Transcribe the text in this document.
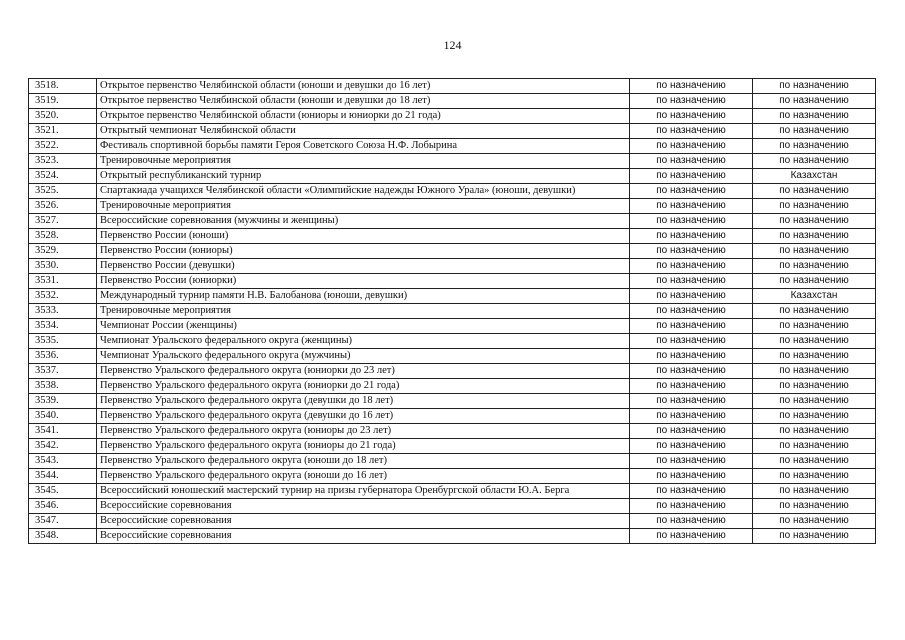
124
3518.	Открытое первенство Челябинской области (юноши и девушки до 16 лет)	по назначению	по назначению
3519.	Открытое первенство Челябинской области (юноши и девушки до 18 лет)	по назначению	по назначению
3520.	Открытое первенство Челябинской области (юниоры и юниорки до 21 года)	по назначению	по назначению
3521.	Открытый чемпионат Челябинской области	по назначению	по назначению
3522.	Фестиваль спортивной борьбы памяти Героя Советского Союза Н.Ф. Лобырина	по назначению	по назначению
3523.	Тренировочные мероприятия	по назначению	по назначению
3524.	Открытый республиканский турнир	по назначению	Казахстан
3525.	Спартакиада учащихся Челябинской области «Олимпийские надежды Южного Урала» (юноши, девушки)	по назначению	по назначению
3526.	Тренировочные мероприятия	по назначению	по назначению
3527.	Всероссийские соревнования (мужчины и женщины)	по назначению	по назначению
3528.	Первенство России (юноши)	по назначению	по назначению
3529.	Первенство России (юниоры)	по назначению	по назначению
3530.	Первенство России (девушки)	по назначению	по назначению
3531.	Первенство России (юниорки)	по назначению	по назначению
3532.	Международный турнир памяти Н.В. Балобанова (юноши, девушки)	по назначению	Казахстан
3533.	Тренировочные мероприятия	по назначению	по назначению
3534.	Чемпионат России (женщины)	по назначению	по назначению
3535.	Чемпионат Уральского федерального округа (женщины)	по назначению	по назначению
3536.	Чемпионат Уральского федерального округа (мужчины)	по назначению	по назначению
3537.	Первенство Уральского федерального округа (юниорки до 23 лет)	по назначению	по назначению
3538.	Первенство Уральского федерального округа (юниорки до 21 года)	по назначению	по назначению
3539.	Первенство Уральского федерального округа (девушки до 18 лет)	по назначению	по назначению
3540.	Первенство Уральского федерального округа (девушки до 16 лет)	по назначению	по назначению
3541.	Первенство Уральского федерального округа (юниоры до 23 лет)	по назначению	по назначению
3542.	Первенство Уральского федерального округа (юниоры до 21 года)	по назначению	по назначению
3543.	Первенство Уральского федерального округа (юноши до 18 лет)	по назначению	по назначению
3544.	Первенство Уральского федерального округа (юноши до 16 лет)	по назначению	по назначению
3545.	Всероссийский юношеский мастерский турнир на призы губернатора Оренбургской области Ю.А. Берга	по назначению	по назначению
3546.	Всероссийские соревнования	по назначению	по назначению
3547.	Всероссийские соревнования	по назначению	по назначению
3548.	Всероссийские соревнования	по назначению	по назначению
